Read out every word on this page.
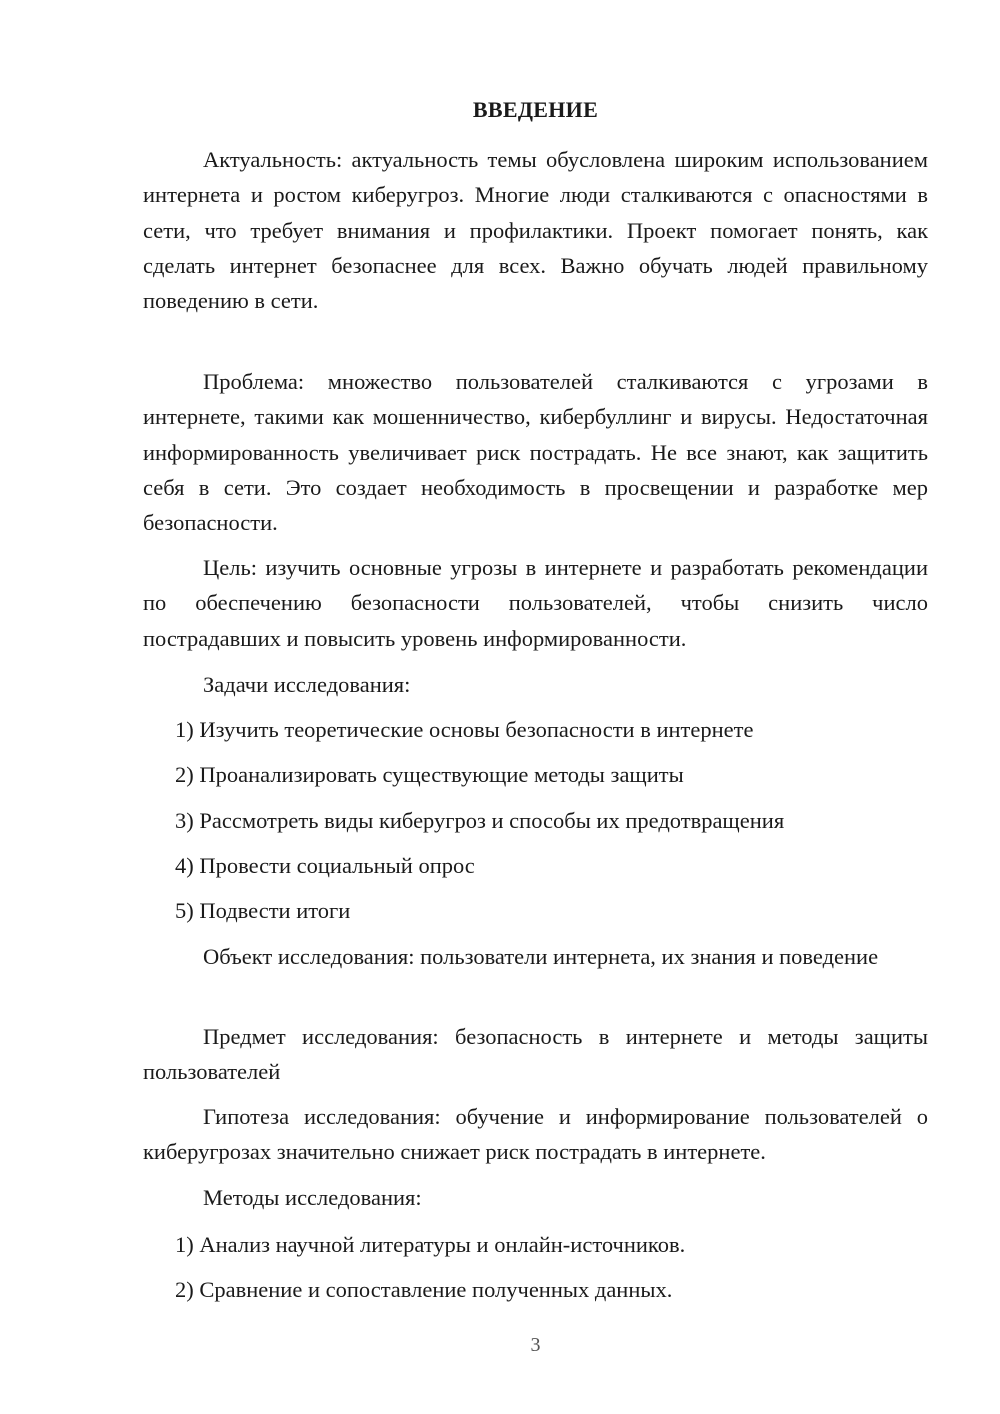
ВВЕДЕНИЕ

Актуальность: актуальность темы обусловлена широким использованием интернета и ростом киберугроз. Многие люди сталкиваются с опасностями в сети, что требует внимания и профилактики. Проект помогает понять, как сделать интернет безопаснее для всех. Важно обучать людей правильному поведению в сети.

Проблема: множество пользователей сталкиваются с угрозами в интернете, такими как мошенничество, кибербуллинг и вирусы. Недостаточная информированность увеличивает риск пострадать. Не все знают, как защитить себя в сети. Это создает необходимость в просвещении и разработке мер безопасности.

Цель: изучить основные угрозы в интернете и разработать рекомендации по обеспечению безопасности пользователей, чтобы снизить число пострадавших и повысить уровень информированности.

Задачи исследования:

1) Изучить теоретические основы безопасности в интернете

2) Проанализировать существующие методы защиты

3) Рассмотреть виды киберугроз и способы их предотвращения

4) Провести социальный опрос

5) Подвести итоги

Объект исследования: пользователи интернета, их знания и поведение

Предмет исследования: безопасность в интернете и методы защиты пользователей

Гипотеза исследования: обучение и информирование пользователей о киберугрозах значительно снижает риск пострадать в интернете.

Методы исследования:

1) Анализ научной литературы и онлайн-источников.

2) Сравнение и сопоставление полученных данных.

3
